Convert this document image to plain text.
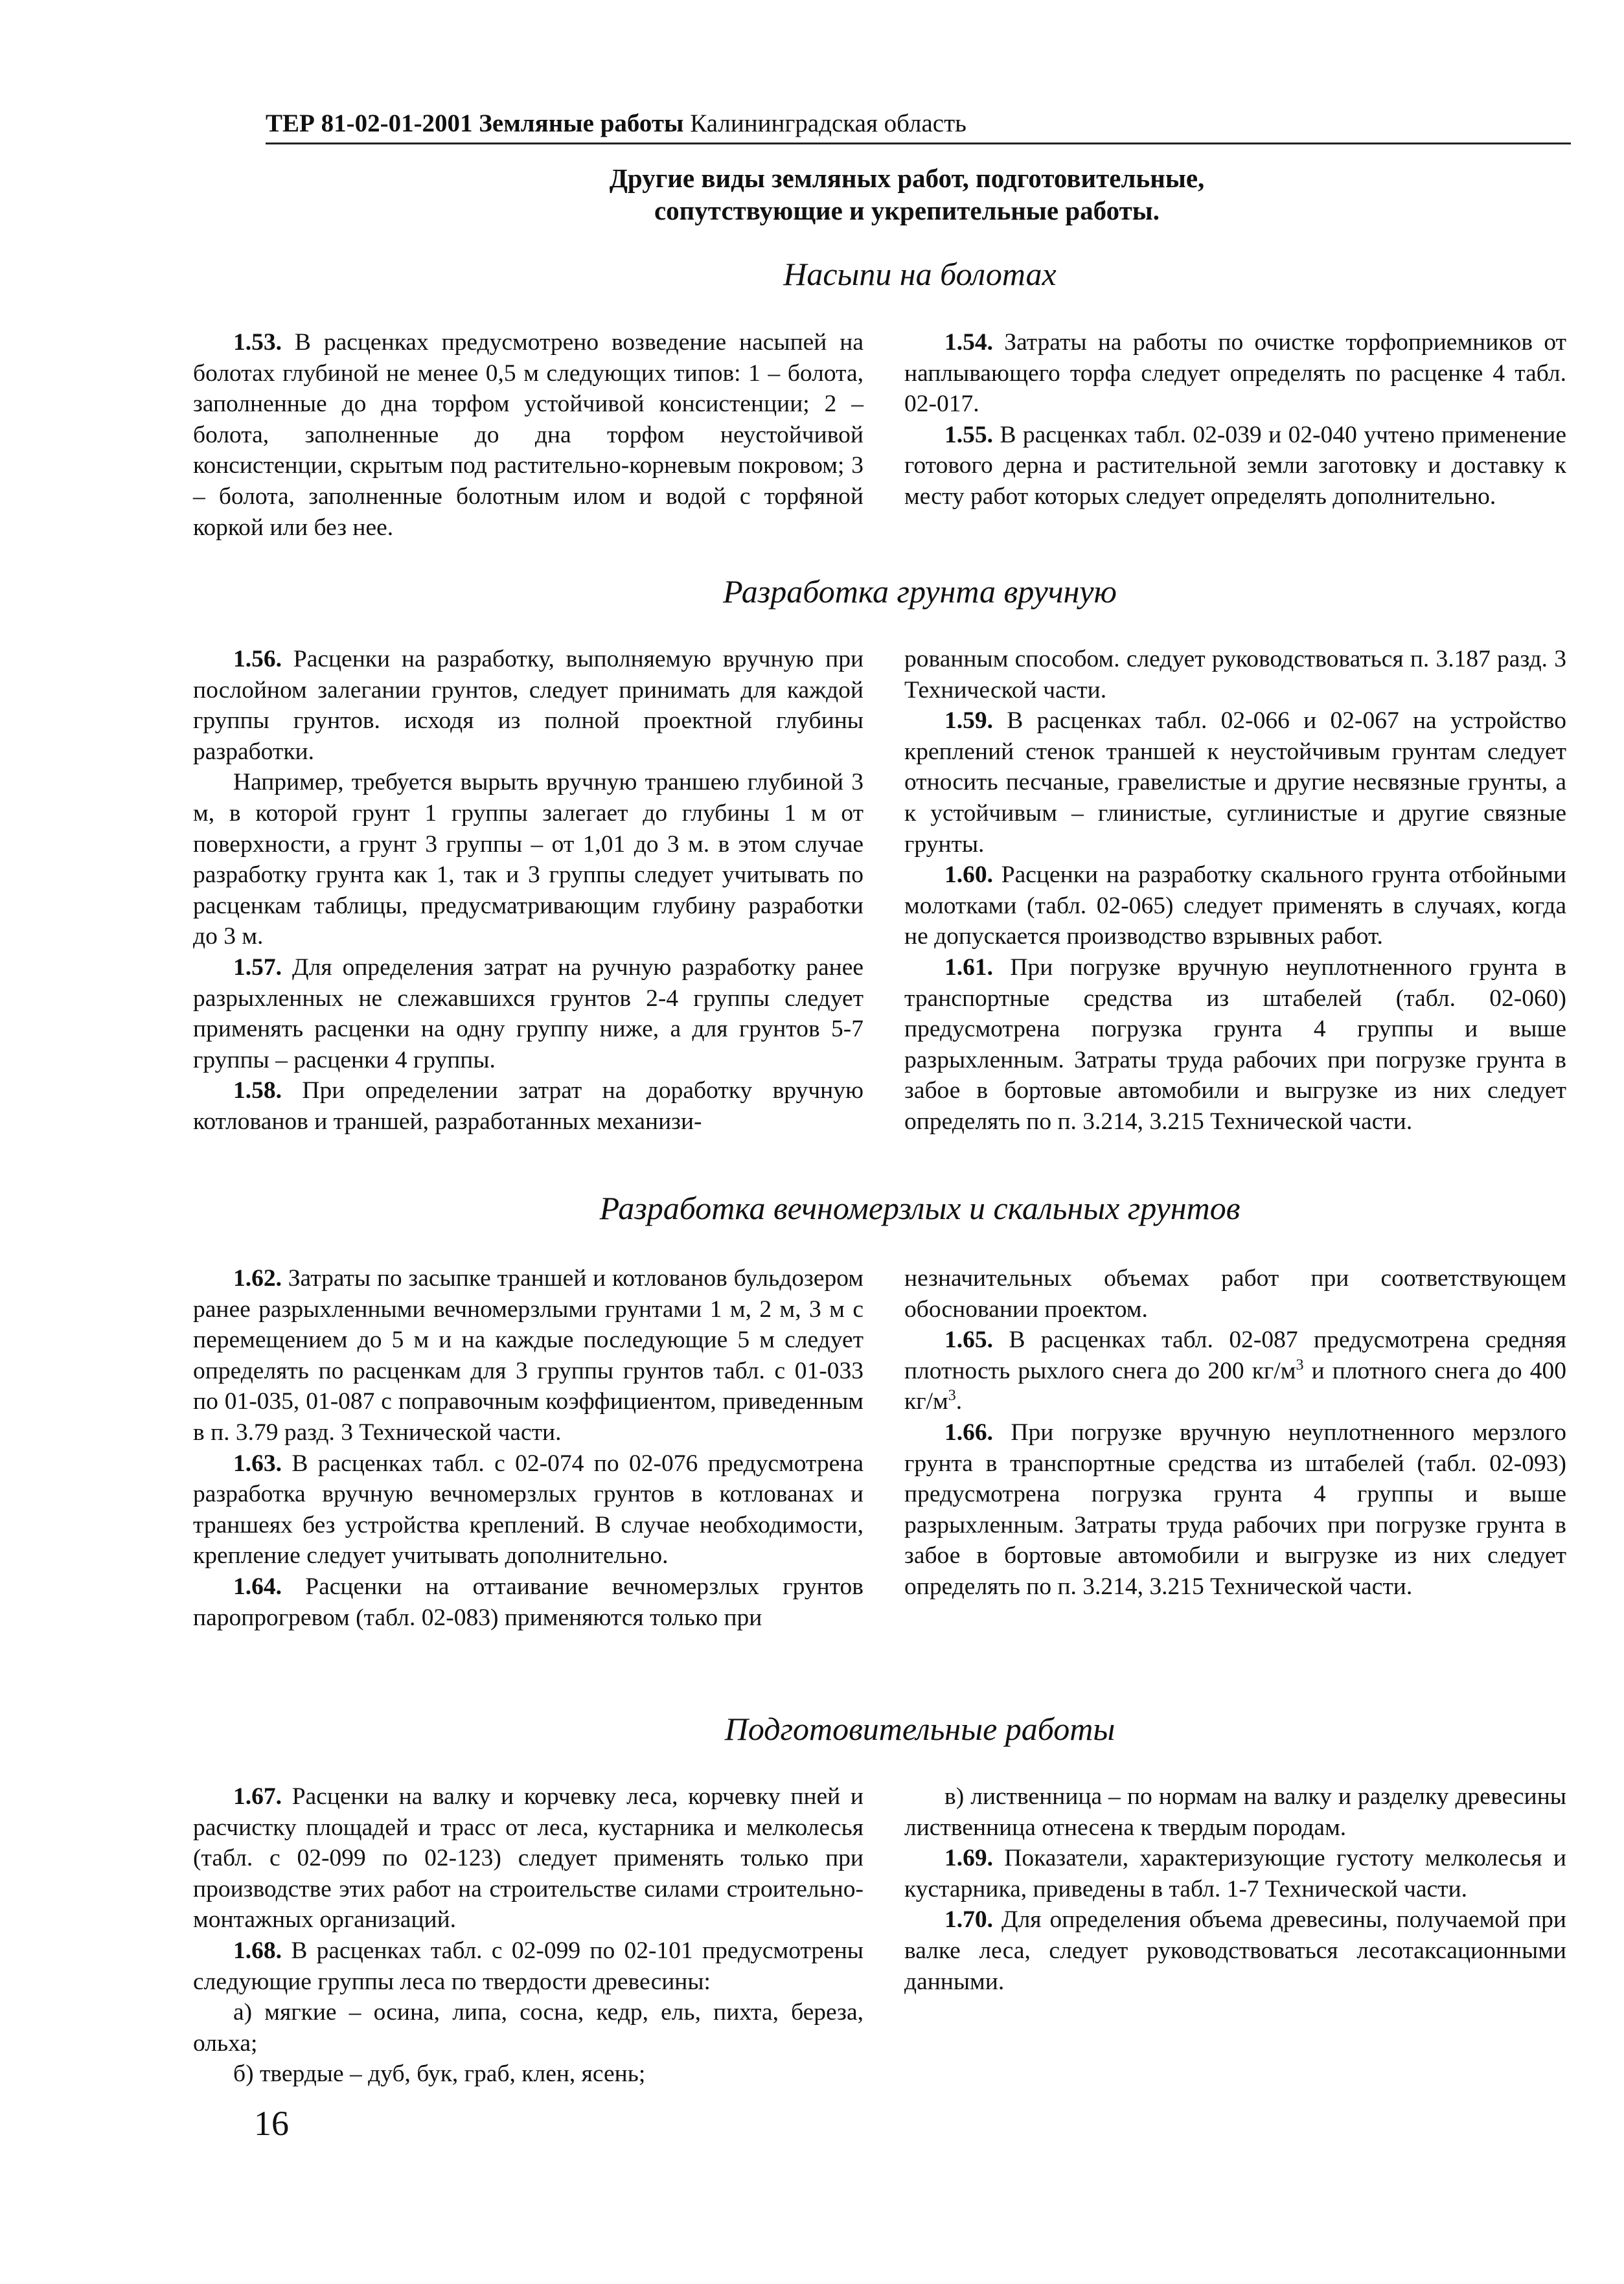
ТЕР 81-02-01-2001 Земляные работы Калининградская область
Другие виды земляных работ, подготовительные,
сопутствующие и укрепительные работы.
Насыпи на болотах

1.53. В расценках предусмотрено возведение насыпей на болотах глубиной не менее 0,5 м следующих типов: 1 – болота, заполненные до дна торфом устойчивой консистенции; 2 – болота, заполненные до дна торфом неустойчивой консистенции, скрытым под растительно-корневым покровом; 3 – болота, заполненные болотным илом и водой с торфяной коркой или без нее.

1.54. Затраты на работы по очистке торфоприемников от наплывающего торфа следует определять по расценке 4 табл. 02-017.

1.55. В расценках табл. 02-039 и 02-040 учтено применение готового дерна и растительной земли заготовку и доставку к месту работ которых следует определять дополнительно.

Разработка грунта вручную

1.56. Расценки на разработку, выполняемую вручную при послойном залегании грунтов, следует принимать для каждой группы грунтов. исходя из полной проектной глубины разработки.

Например, требуется вырыть вручную траншею глубиной 3 м, в которой грунт 1 группы залегает до глубины 1 м от поверхности, а грунт 3 группы – от 1,01 до 3 м. в этом случае разработку грунта как 1, так и 3 группы следует учитывать по расценкам таблицы, предусматривающим глубину разработки до 3 м.

1.57. Для определения затрат на ручную разработку ранее разрыхленных не слежавшихся грунтов 2-4 группы следует применять расценки на одну группу ниже, а для грунтов 5-7 группы – расценки 4 группы.

1.58. При определении затрат на доработку вручную котлованов и траншей, разработанных механизи-

рованным способом. следует руководствоваться п. 3.187 разд. 3 Технической части.

1.59. В расценках табл. 02-066 и 02-067 на устройство креплений стенок траншей к неустойчивым грунтам следует относить песчаные, гравелистые и другие несвязные грунты, а к устойчивым – глинистые, суглинистые и другие связные грунты.

1.60. Расценки на разработку скального грунта отбойными молотками (табл. 02-065) следует применять в случаях, когда не допускается производство взрывных работ.

1.61. При погрузке вручную неуплотненного грунта в транспортные средства из штабелей (табл. 02-060) предусмотрена погрузка грунта 4 группы и выше разрыхленным. Затраты труда рабочих при погрузке грунта в забое в бортовые автомобили и выгрузке из них следует определять по п. 3.214, 3.215 Технической части.

Разработка вечномерзлых и скальных грунтов

1.62. Затраты по засыпке траншей и котлованов бульдозером ранее разрыхленными вечномерзлыми грунтами 1 м, 2 м, 3 м с перемещением до 5 м и на каждые последующие 5 м следует определять по расценкам для 3 группы грунтов табл. с 01-033 по 01-035, 01-087 с поправочным коэффициентом, приведенным в п. 3.79 разд. 3 Технической части.

1.63. В расценках табл. с 02-074 по 02-076 предусмотрена разработка вручную вечномерзлых грунтов в котлованах и траншеях без устройства креплений. В случае необходимости, крепление следует учитывать дополнительно.

1.64. Расценки на оттаивание вечномерзлых грунтов паропрогревом (табл. 02-083) применяются только при

незначительных объемах работ при соответствующем обосновании проектом.

1.65. В расценках табл. 02-087 предусмотрена средняя плотность рыхлого снега до 200 $кг/м^3$ и плотного снега до 400 $кг/м^3$.

1.66. При погрузке вручную неуплотненного мерзлого грунта в транспортные средства из штабелей (табл. 02-093) предусмотрена погрузка грунта 4 группы и выше разрыхленным. Затраты труда рабочих при погрузке грунта в забое в бортовые автомобили и выгрузке из них следует определять по п. 3.214, 3.215 Технической части.

Подготовительные работы

1.67. Расценки на валку и корчевку леса, корчевку пней и расчистку площадей и трасс от леса, кустарника и мелколесья (табл. с 02-099 по 02-123) следует применять только при производстве этих работ на строительстве силами строительно-монтажных организаций.

1.68. В расценках табл. с 02-099 по 02-101 предусмотрены следующие группы леса по твердости древесины:

а) мягкие – осина, липа, сосна, кедр, ель, пихта, береза, ольха;

б) твердые – дуб, бук, граб, клен, ясень;

в) лиственница – по нормам на валку и разделку древесины лиственница отнесена к твердым породам.

1.69. Показатели, характеризующие густоту мелколесья и кустарника, приведены в табл. 1-7 Технической части.

1.70. Для определения объема древесины, получаемой при валке леса, следует руководствоваться лесотаксационными данными.

16
